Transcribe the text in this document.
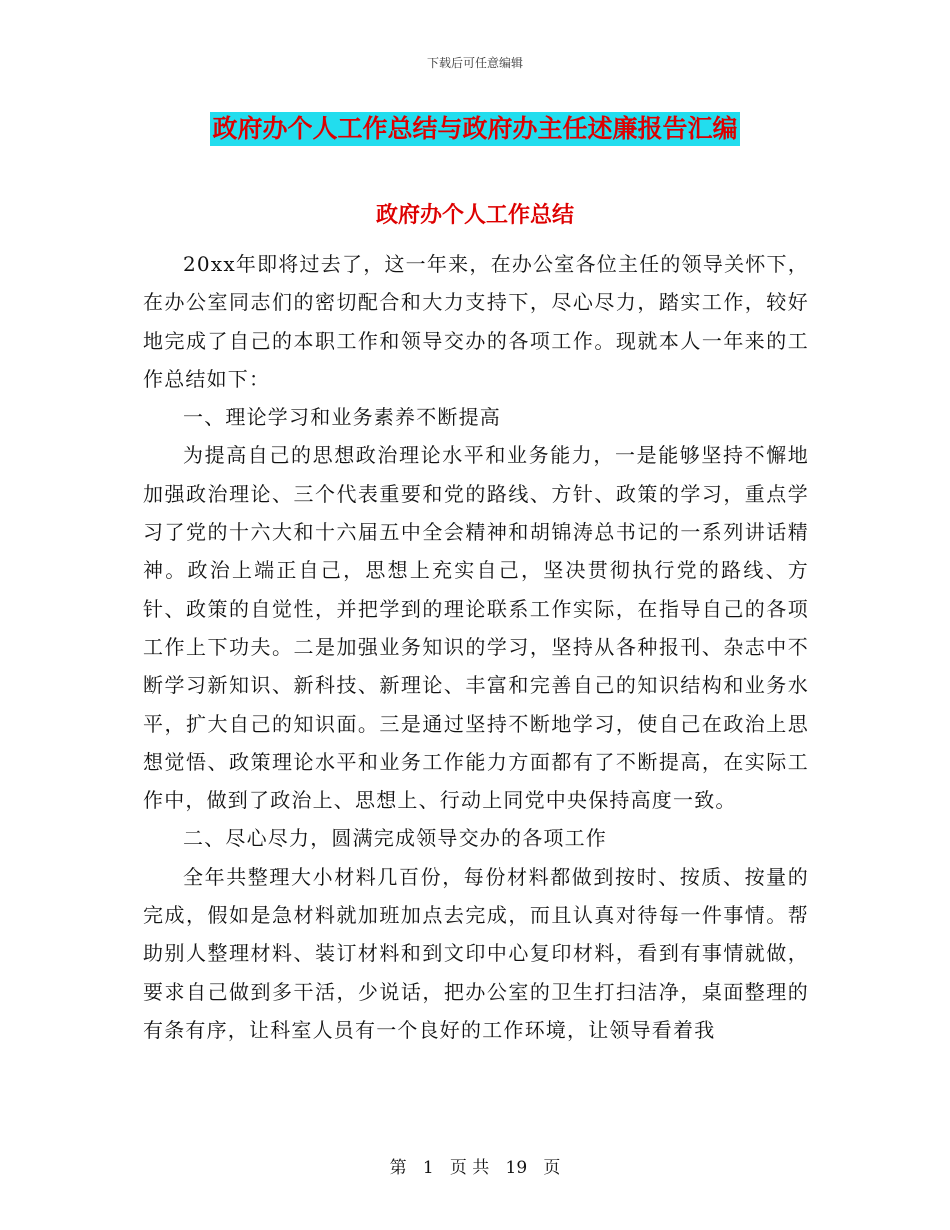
下载后可任意编辑
政府办个人工作总结与政府办主任述廉报告汇编
政府办个人工作总结

20xx年即将过去了，这一年来，在办公室各位主任的领导关怀下，在办公室同志们的密切配合和大力支持下，尽心尽力，踏实工作，较好地完成了自己的本职工作和领导交办的各项工作。现就本人一年来的工作总结如下：

一、理论学习和业务素养不断提高

为提高自己的思想政治理论水平和业务能力，一是能够坚持不懈地加强政治理论、三个代表重要和党的路线、方针、政策的学习，重点学习了党的十六大和十六届五中全会精神和胡锦涛总书记的一系列讲话精神。政治上端正自己，思想上充实自己，坚决贯彻执行党的路线、方针、政策的自觉性，并把学到的理论联系工作实际，在指导自己的各项工作上下功夫。二是加强业务知识的学习，坚持从各种报刊、杂志中不断学习新知识、新科技、新理论、丰富和完善自己的知识结构和业务水平，扩大自己的知识面。三是通过坚持不断地学习，使自己在政治上思想觉悟、政策理论水平和业务工作能力方面都有了不断提高，在实际工作中，做到了政治上、思想上、行动上同党中央保持高度一致。

二、尽心尽力，圆满完成领导交办的各项工作

全年共整理大小材料几百份，每份材料都做到按时、按质、按量的完成，假如是急材料就加班加点去完成，而且认真对待每一件事情。帮助别人整理材料、装订材料和到文印中心复印材料，看到有事情就做，要求自己做到多干活，少说话，把办公室的卫生打扫洁净，桌面整理的有条有序，让科室人员有一个良好的工作环境，让领导看着我

第 1 页 共 19 页
